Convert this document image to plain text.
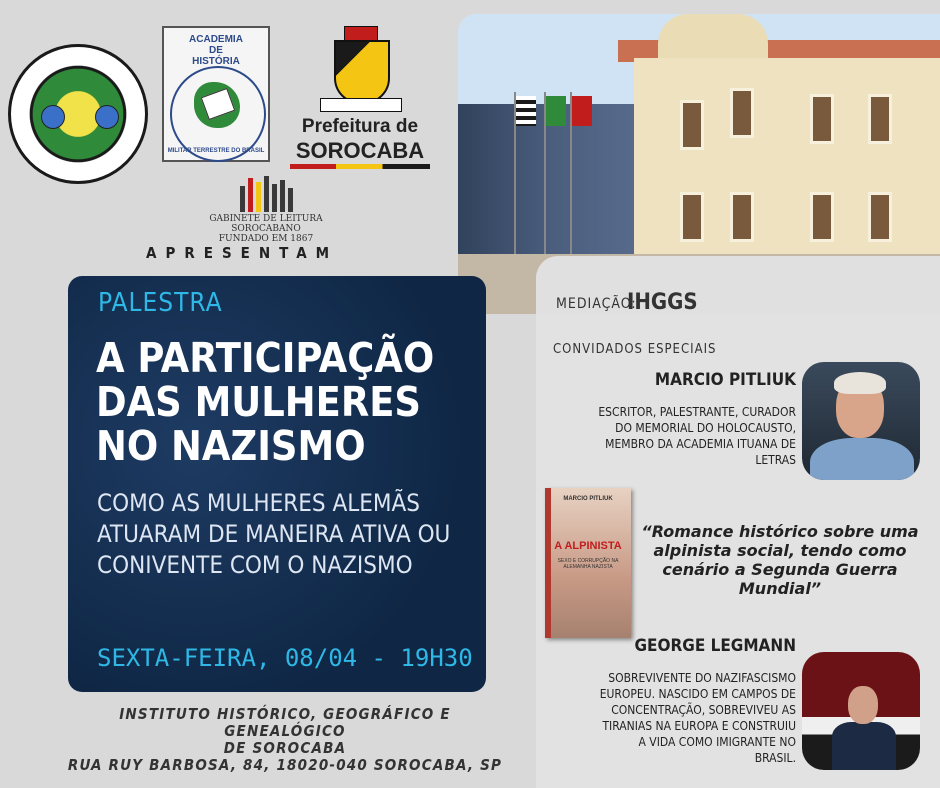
ACADEMIA
DE
HISTÓRIA
MILITAR TERRESTRE DO BRASIL
Prefeitura de
SOROCABA
GABINETE DE LEITURA SOROCABANO
FUNDADO EM 1867
APRESENTAM
MEDIAÇÃO:
IHGGS
CONVIDADOS ESPECIAIS
MARCIO PITLIUK
ESCRITOR, PALESTRANTE, CURADOR DO MEMORIAL DO HOLOCAUSTO, MEMBRO DA ACADEMIA ITUANA DE LETRAS
MARCIO PITLIUK
A ALPINISTA
SEXO E CORRUPÇÃO NA ALEMANHA NAZISTA
“Romance histórico sobre uma alpinista social, tendo como cenário a Segunda Guerra Mundial”
GEORGE LEGMANN
SOBREVIVENTE DO NAZIFASCISMO EUROPEU. NASCIDO EM CAMPOS DE CONCENTRAÇÃO, SOBREVIVEU AS TIRANIAS NA EUROPA E CONSTRUIU A VIDA COMO IMIGRANTE NO BRASIL.
PALESTRA
A PARTICIPAÇÃO DAS MULHERES NO NAZISMO
COMO AS MULHERES ALEMÃS ATUARAM DE MANEIRA ATIVA OU CONIVENTE COM O NAZISMO
SEXTA-FEIRA, 08/04 - 19H30
INSTITUTO HISTÓRICO, GEOGRÁFICO E GENEALÓGICO
DE SOROCABA
RUA RUY BARBOSA, 84, 18020-040 SOROCABA, SP
